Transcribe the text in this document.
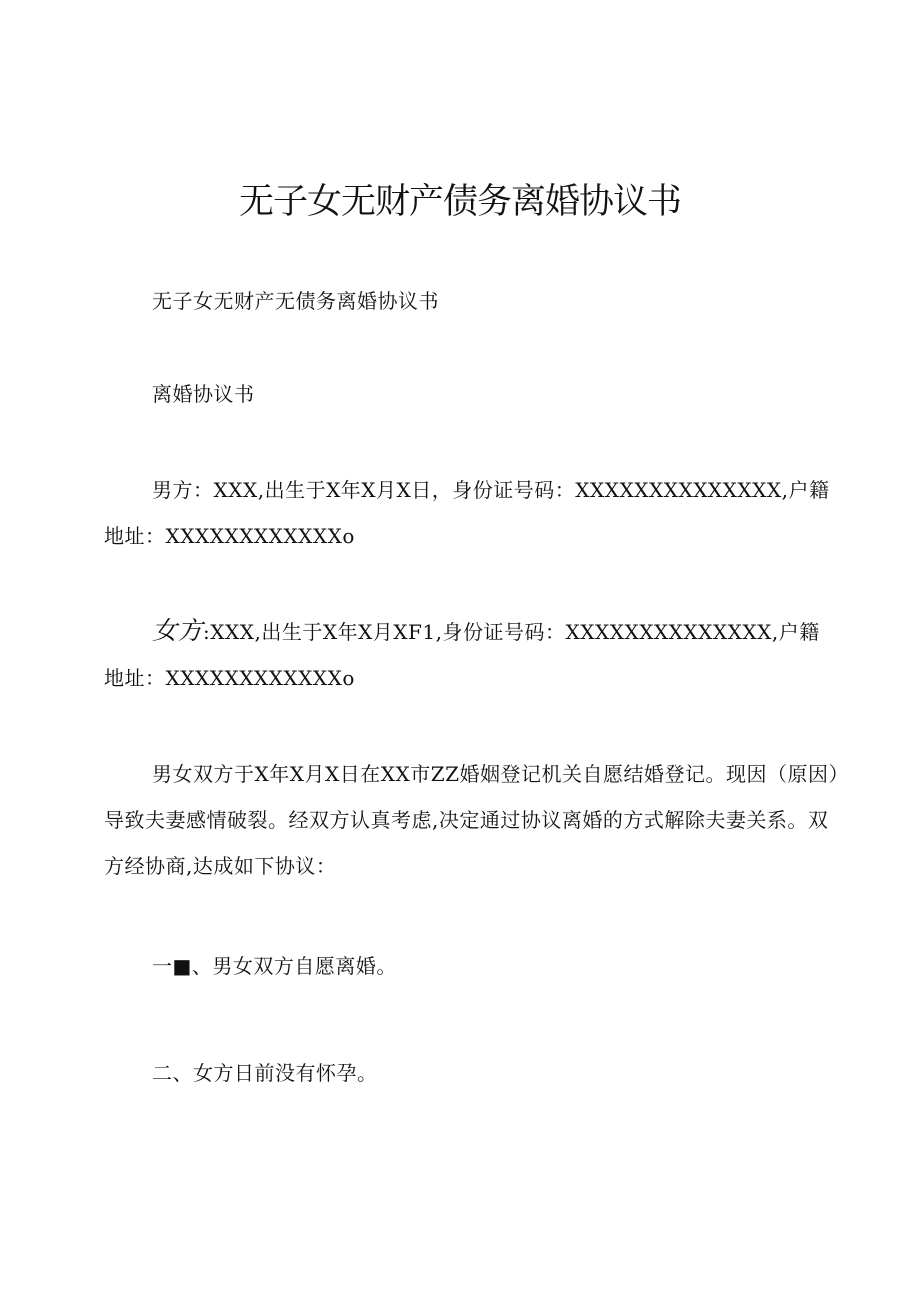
无子女无财产债务离婚协议书

无子女无财产无债务离婚协议书

离婚协议书

男方：XXX,出生于X年X月X日，身份证号码：XXXXXXXXXXXXXX,户籍
地址：XXXXXXXXXXXXo
女方:XXX,出生于X年X月XF1,身份证号码：XXXXXXXXXXXXXX,户籍
地址：XXXXXXXXXXXXo
男女双方于X年X月X日在XX市ZZ婚姻登记机关自愿结婚登记。现因（原因）
导致夫妻感情破裂。经双方认真考虑,决定通过协议离婚的方式解除夫妻关系。双
方经协商,达成如下协议：

一■、男女双方自愿离婚。

二、女方日前没有怀孕。
